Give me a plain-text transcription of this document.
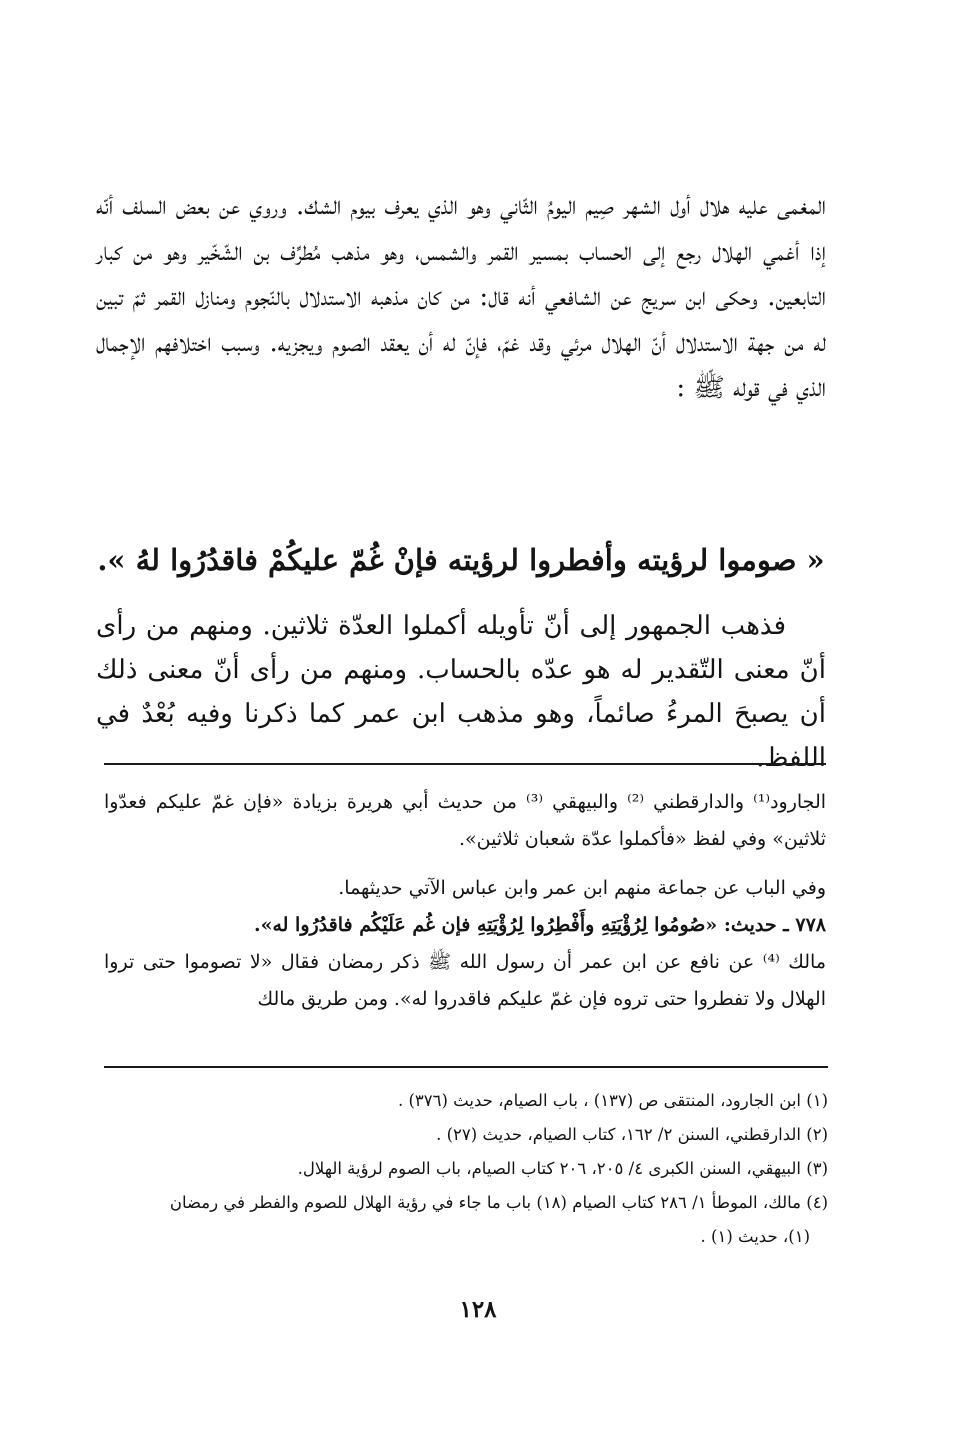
المغمى عليه هلال أول الشهر صِيم اليومُ الثّاني وهو الذي يعرف بيوم الشك. وروي عن بعض السلف أنّه إذا أغمي الهلال رجع إلى الحساب بمسير القمر والشمس، وهو مذهب مُطرِّف بن الشّخّير وهو من كبار التابعين. وحكى ابن سريج عن الشافعي أنه قال: من كان مذهبه الاستدلال بالنّجوم ومنازل القمر ثمّ تبين له من جهة الاستدلال أنّ الهلال مرئي وقد غمّ، فإنّ له أن يعقد الصوم ويجزيه. وسبب اختلافهم الإجمال الذي في قوله ﷺ :

« صوموا لرؤيته وأفطروا لرؤيته فإنْ غُمّ عليكُمْ فاقدُرُوا لهُ ».
فذهب الجمهور إلى أنّ تأويله أكملوا العدّة ثلاثين. ومنهم من رأى أنّ معنى التّقدير له هو عدّه بالحساب. ومنهم من رأى أنّ معنى ذلك أن يصبحَ المرءُ صائماً، وهو مذهب ابن عمر كما ذكرنا وفيه بُعْدٌ في اللفظ.

الجارود⁽¹⁾ والدارقطني ⁽²⁾ والبيهقي ⁽³⁾ من حديث أبي هريرة بزيادة «فإن غمّ عليكم فعدّوا ثلاثين» وفي لفظ «فأكملوا عدّة شعبان ثلاثين».

وفي الباب عن جماعة منهم ابن عمر وابن عباس الآتي حديثهما.

٧٧٨ ـ حديث: «صُومُوا لِرُؤْيَتِهِ وأَفْطِرُوا لِرُؤْيَتِهِ فإن غُم عَلَيْكُم فاقدُرُوا له».

مالك ⁽⁴⁾ عن نافع عن ابن عمر أن رسول الله ﷺ ذكر رمضان فقال «لا تصوموا حتى تروا الهلال ولا تفطروا حتى تروه فإن غمّ عليكم فاقدروا له». ومن طريق مالك

(١) ابن الجارود، المنتقى ص (١٣٧) ، باب الصيام، حديث (٣٧٦) .

(٢) الدارقطني، السنن ٢/ ١٦٢، كتاب الصيام، حديث (٢٧) .

(٣) البيهقي، السنن الكبرى ٤/ ٢٠٥، ٢٠٦ كتاب الصيام، باب الصوم لرؤية الهلال.

(٤) مالك، الموطأ ١/ ٢٨٦ كتاب الصيام (١٨) باب ما جاء في رؤية الهلال للصوم والفطر في رمضان

(١)، حديث (١) .

١٢٨
